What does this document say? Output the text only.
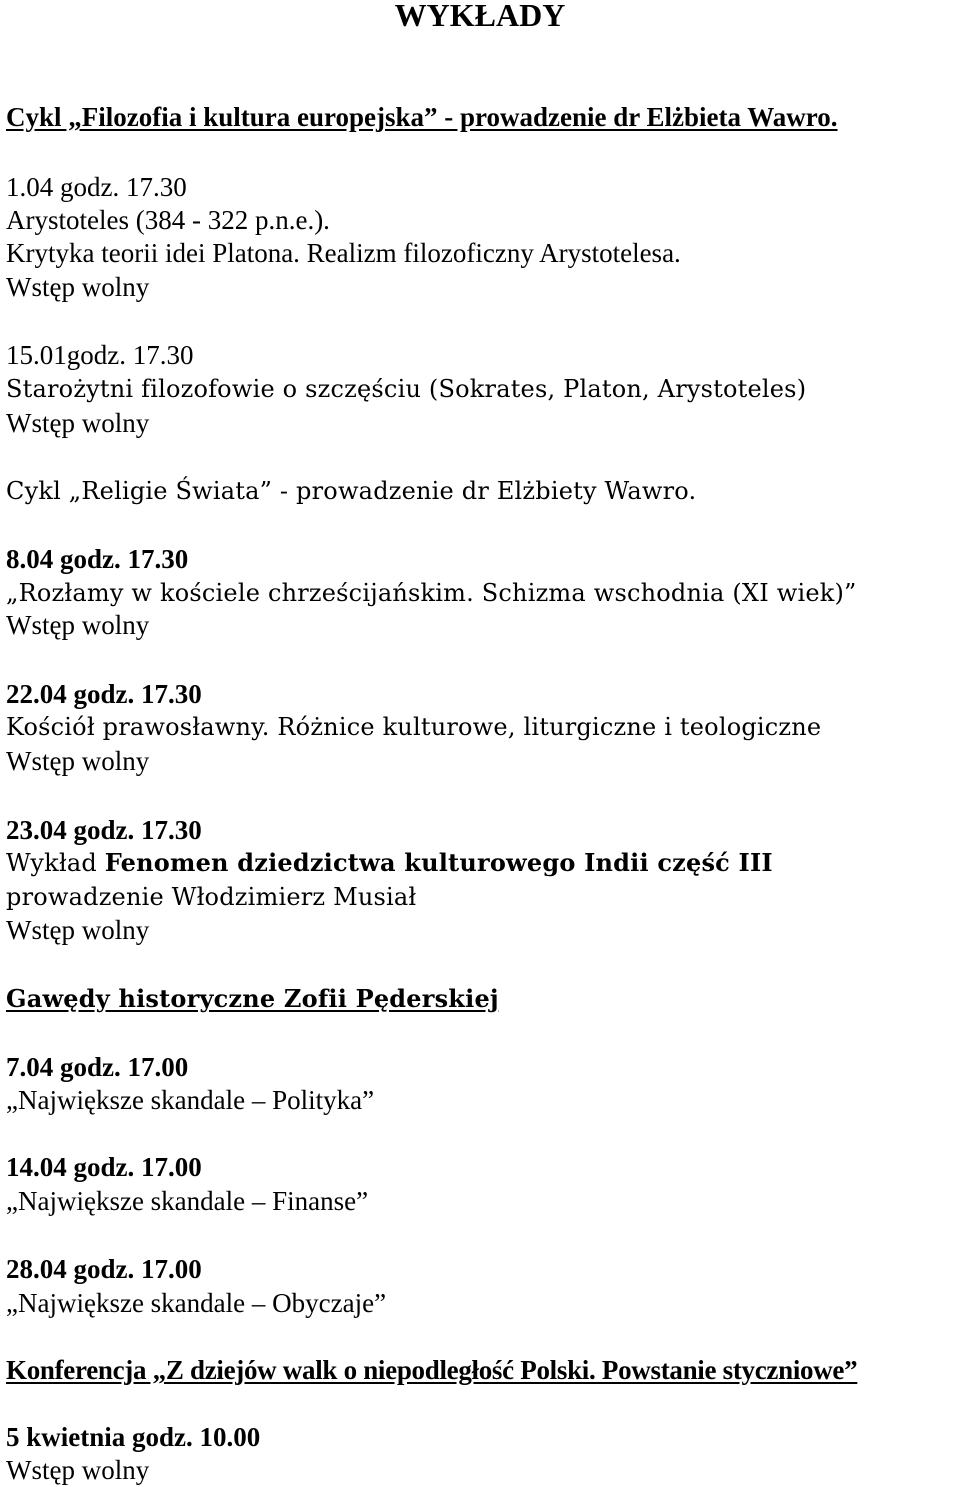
WYKŁADY

Cykl „Filozofia i kultura europejska” - prowadzenie dr Elżbieta Wawro.

1.04 godz. 17.30

Arystoteles (384 - 322 p.n.e.).

Krytyka teorii idei Platona. Realizm filozoficzny Arystotelesa.

Wstęp wolny

15.01godz. 17.30

Starożytni filozofowie o szczęściu (Sokrates, Platon, Arystoteles)

Wstęp wolny

Cykl „Religie Świata” - prowadzenie dr Elżbiety Wawro.

8.04 godz. 17.30

„Rozłamy w kościele chrześcijańskim. Schizma wschodnia (XI wiek)”

Wstęp wolny

22.04 godz. 17.30

Kościół prawosławny. Różnice kulturowe, liturgiczne i teologiczne

Wstęp wolny

23.04 godz. 17.30

Wykład Fenomen dziedzictwa kulturowego Indii część III

prowadzenie Włodzimierz Musiał

Wstęp wolny

Gawędy historyczne Zofii Pęderskiej

7.04 godz. 17.00

„Największe skandale – Polityka”

14.04 godz. 17.00

„Największe skandale – Finanse”

28.04 godz. 17.00

„Największe skandale – Obyczaje”

Konferencja „Z dziejów walk o niepodległość Polski. Powstanie styczniowe”

5 kwietnia godz. 10.00

Wstęp wolny
